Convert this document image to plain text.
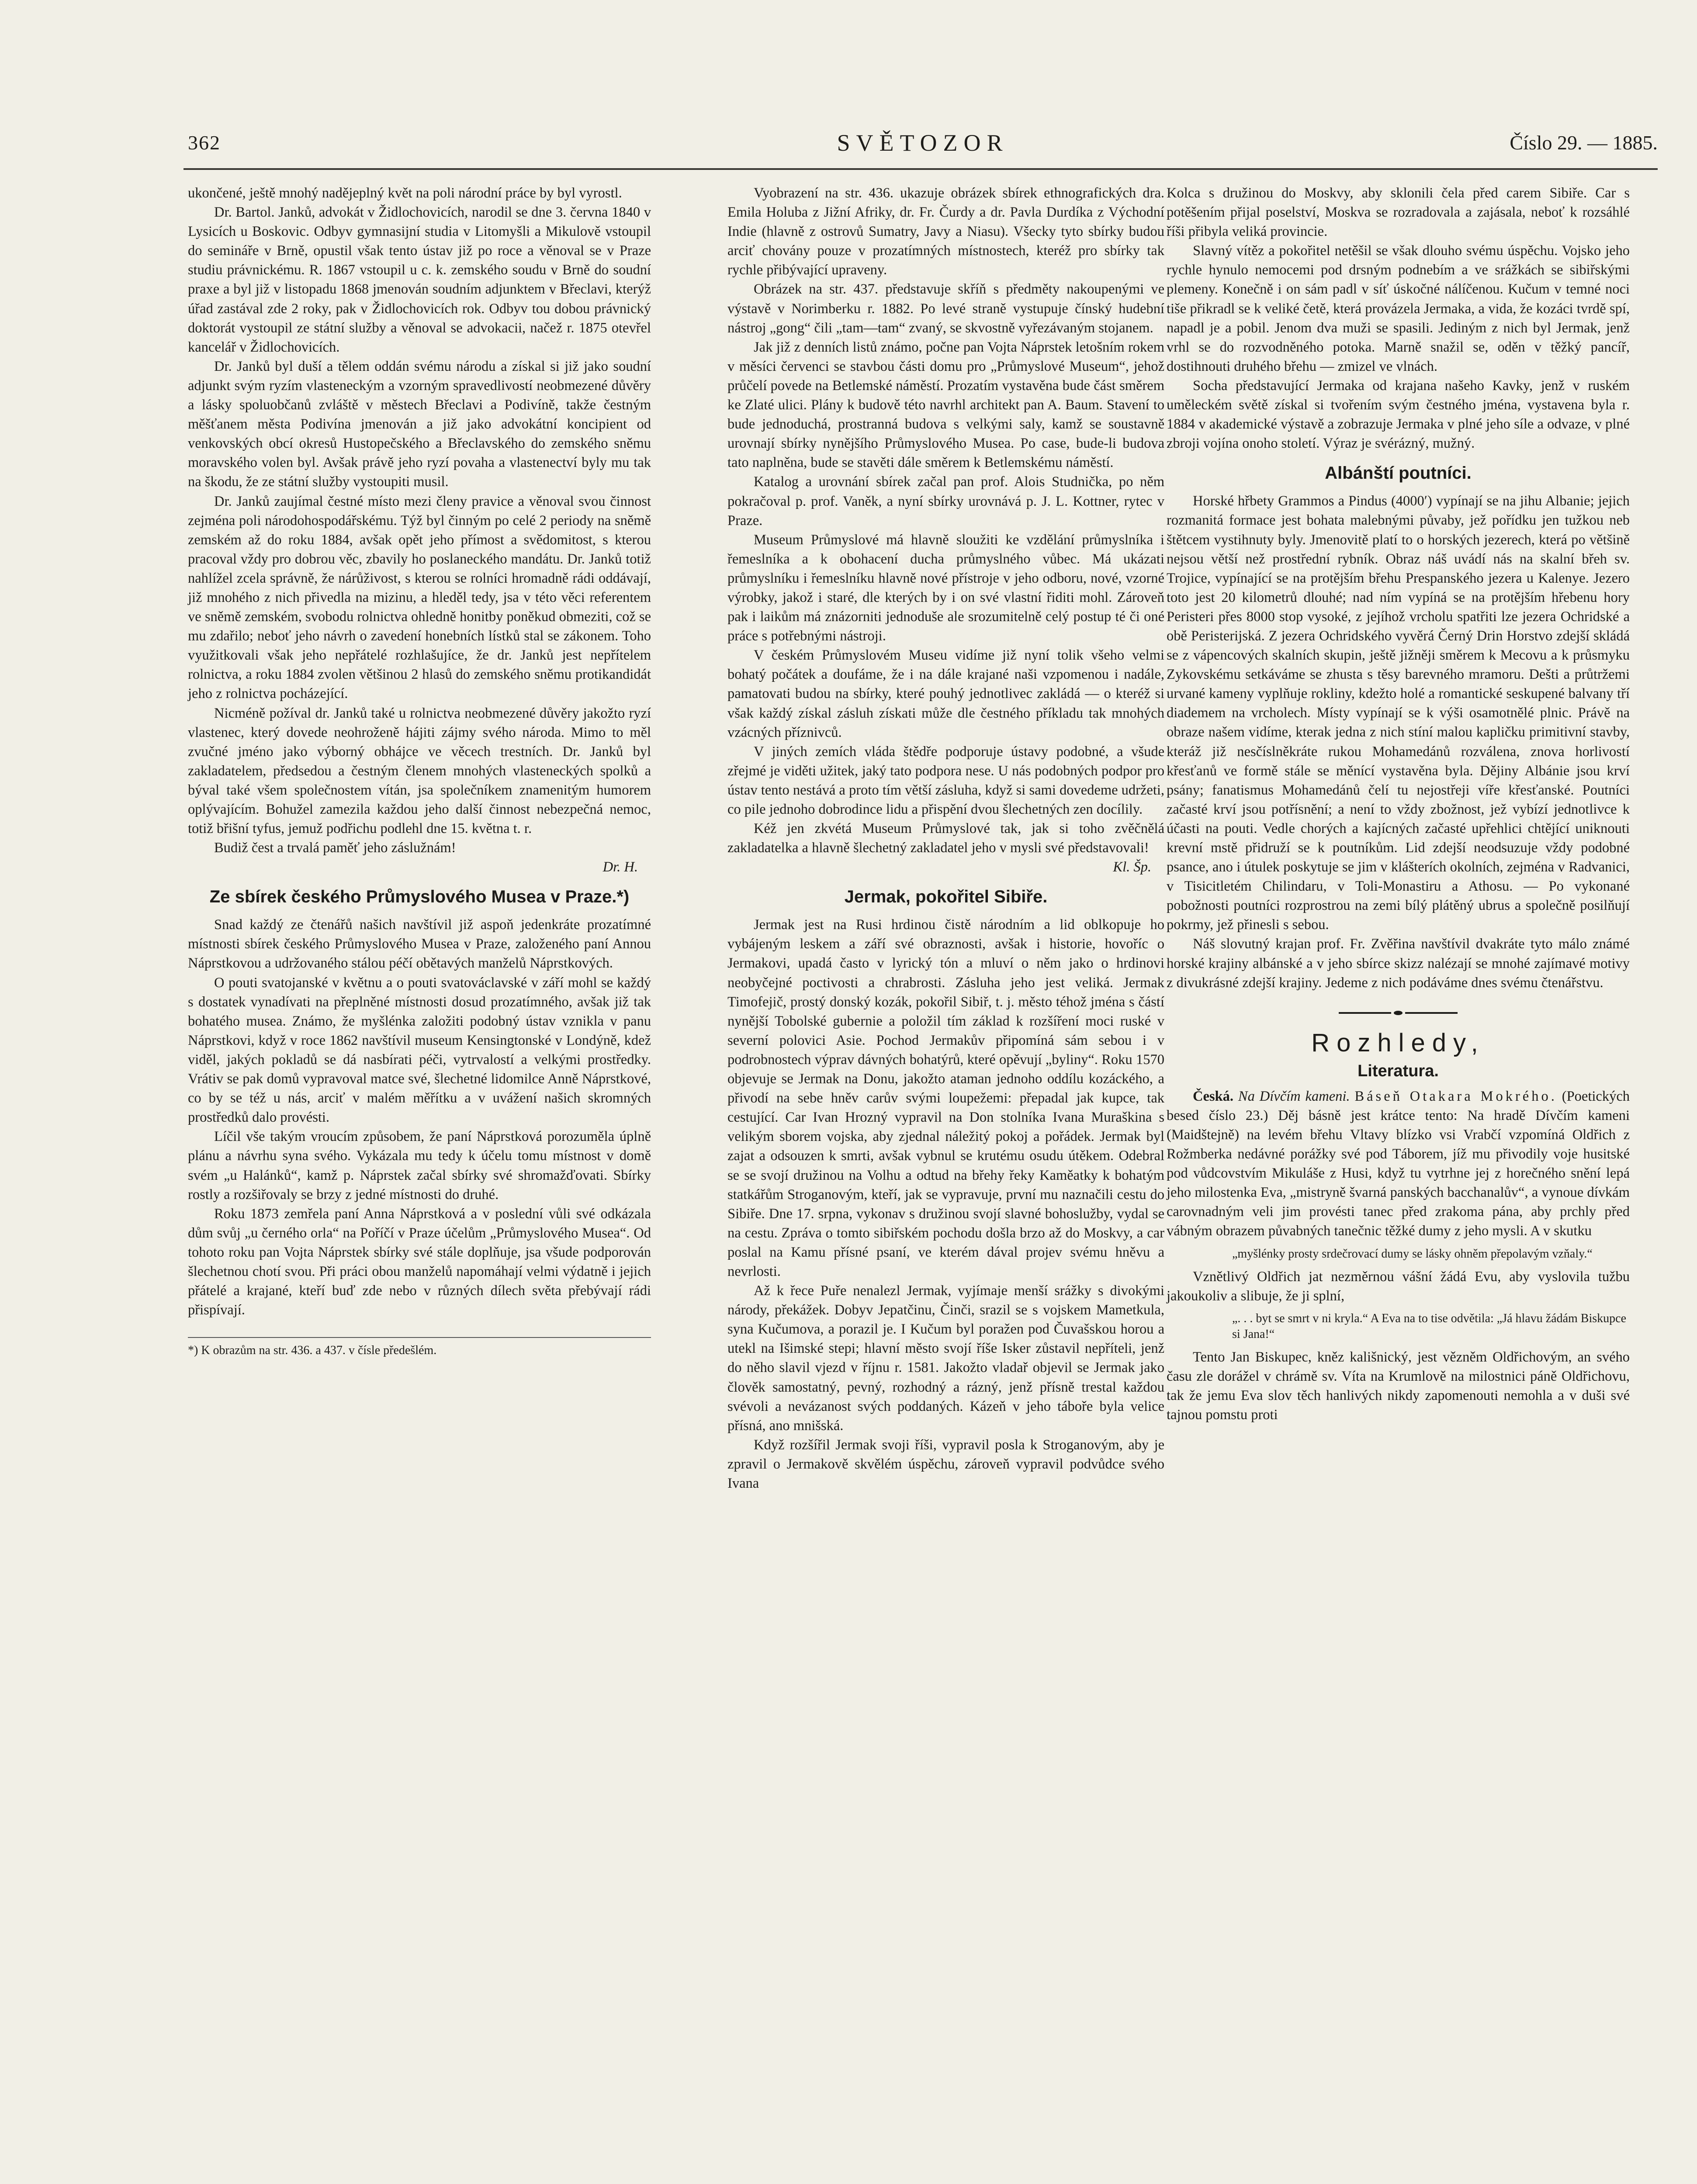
362	SVĚTOZOR	Číslo 29. — 1885.

ukončené, ještě mnohý nadějeplný květ na poli národní práce by byl vyrostl.

Dr. Bartol. Janků, advokát v Židlochovicích, narodil se dne 3. června 1840 v Lysicích u Boskovic. Odbyv gymnasijní studia v Litomyšli a Mikulově vstoupil do semináře v Brně, opustil však tento ústav již po roce a věnoval se v Praze studiu právnickému. R. 1867 vstoupil u c. k. zemského soudu v Brně do soudní praxe a byl již v listopadu 1868 jmenován soudním adjunktem v Břeclavi, kterýž úřad zastával zde 2 roky, pak v Židlochovicích rok. Odbyv tou dobou právnický doktorát vystoupil ze státní služby a věnoval se advokacii, načež r. 1875 otevřel kancelář v Židlochovicích.

Dr. Janků byl duší a tělem oddán svému národu a získal si již jako soudní adjunkt svým ryzím vlasteneckým a vzorným spravedlivostí neobmezené důvěry a lásky spoluobčanů zvláště v městech Břeclavi a Podivíně, takže čestným měšťanem města Podivína jmenován a již jako advokátní koncipient od venkovských obcí okresů Hustopečského a Břeclavského do zemského sněmu moravského volen byl. Avšak právě jeho ryzí povaha a vlastenectví byly mu tak na škodu, že ze státní služby vystoupiti musil.

Dr. Janků zaujímal čestné místo mezi členy pravice a věnoval svou činnost zejména poli národohospodářskému. Týž byl činným po celé 2 periody na sněmě zemském až do roku 1884, avšak opět jeho přímost a svědomitost, s kterou pracoval vždy pro dobrou věc, zbavily ho poslaneckého mandátu. Dr. Janků totiž nahlížel zcela správně, že nárůživost, s kterou se rolníci hromadně rádi oddávají, již mnohého z nich přivedla na mizinu, a hleděl tedy, jsa v této věci referentem ve sněmě zemském, svobodu rolnictva ohledně honitby poněkud obmeziti, což se mu zdařilo; neboť jeho návrh o zavedení honebních lístků stal se zákonem. Toho využitkovali však jeho nepřátelé rozhlašujíce, že dr. Janků jest nepřítelem rolnictva, a roku 1884 zvolen většinou 2 hlasů do zemského sněmu protikandidát jeho z rolnictva pocházející.

Nicméně požíval dr. Janků také u rolnictva neobmezené důvěry jakožto ryzí vlastenec, který dovede neohroženě hájiti zájmy svého národa. Mimo to měl zvučné jméno jako výborný obhájce ve věcech trestních. Dr. Janků byl zakladatelem, předsedou a čestným členem mnohých vlasteneckých spolků a býval také všem společnostem vítán, jsa společníkem znamenitým humorem oplývajícím. Bohužel zamezila každou jeho další činnost nebezpečná nemoc, totiž břišní tyfus, jemuž podřichu podlehl dne 15. května t. r.

Budiž čest a trvalá paměť jeho záslužnám!

Dr. H.
Ze sbírek českého Průmyslového Musea v Praze.*)

Snad každý ze čtenářů našich navštívil již aspoň jedenkráte prozatímné místnosti sbírek českého Průmyslového Musea v Praze, založeného paní Annou Náprstkovou a udržovaného stálou péčí obětavých manželů Náprstkových.

O pouti svatojanské v květnu a o pouti svatováclavské v září mohl se každý s dostatek vynadívati na přeplněné místnosti dosud prozatímného, avšak již tak bohatého musea. Známo, že myšlénka založiti podobný ústav vznikla v panu Náprstkovi, když v roce 1862 navštívil museum Kensingtonské v Londýně, kdež viděl, jakých pokladů se dá nasbírati péči, vytrvalostí a velkými prostředky. Vrátiv se pak domů vypravoval matce své, šlechetné lidomilce Anně Náprstkové, co by se též u nás, arciť v malém měřítku a v uvážení našich skromných prostředků dalo provésti.

Líčil vše takým vroucím způsobem, že paní Náprstková porozuměla úplně plánu a návrhu syna svého. Vykázala mu tedy k účelu tomu místnost v domě svém „u Halánků“, kamž p. Náprstek začal sbírky své shromažďovati. Sbírky rostly a rozšiřovaly se brzy z jedné místnosti do druhé.

Roku 1873 zemřela paní Anna Náprstková a v poslední vůli své odkázala dům svůj „u černého orla“ na Poříčí v Praze účelům „Průmyslového Musea“. Od tohoto roku pan Vojta Náprstek sbírky své stále doplňuje, jsa všude podporován šlechetnou chotí svou. Při práci obou manželů napomáhají velmi výdatně i jejich přátelé a krajané, kteří buď zde nebo v různých dílech světa přebývají rádi přispívají.

*) K obrazům na str. 436. a 437. v čísle předešlém.

Vyobrazení na str. 436. ukazuje obrázek sbírek ethnografických dra. Emila Holuba z Jižní Afriky, dr. Fr. Čurdy a dr. Pavla Durdíka z Východní Indie (hlavně z ostrovů Sumatry, Javy a Niasu). Všecky tyto sbírky budou arciť chovány pouze v prozatímných místnostech, kteréž pro sbírky tak rychle přibývající upraveny.

Obrázek na str. 437. představuje skříň s předměty nakoupenými ve výstavě v Norimberku r. 1882. Po levé straně vystupuje čínský hudební nástroj „gong“ čili „tam—tam“ zvaný, se skvostně vyřezávaným stojanem.

Jak již z denních listů známo, počne pan Vojta Náprstek letošním rokem v měsíci červenci se stavbou části domu pro „Průmyslové Museum“, jehož průčelí povede na Betlemské náměstí. Prozatím vystavěna bude část směrem ke Zlaté ulici. Plány k budově této navrhl architekt pan A. Baum. Stavení to bude jednoduchá, prostranná budova s velkými saly, kamž se soustavně urovnají sbírky nynějšího Průmyslového Musea. Po case, bude-li budova tato naplněna, bude se stavěti dále směrem k Betlemskému náměstí.

Katalog a urovnání sbírek začal pan prof. Alois Studnička, po něm pokračoval p. prof. Vaněk, a nyní sbírky urovnává p. J. L. Kottner, rytec v Praze.

Museum Průmyslové má hlavně sloužiti ke vzdělání průmyslníka i řemeslníka a k obohacení ducha průmyslného vůbec. Má ukázati průmyslníku i řemeslníku hlavně nové přístroje v jeho odboru, nové, vzorné výrobky, jakož i staré, dle kterých by i on své vlastní řiditi mohl. Zároveň pak i laikům má znázorniti jednoduše ale srozumitelně celý postup té či oné práce s potřebnými nástroji.

V českém Průmyslovém Museu vidíme již nyní tolik všeho velmi bohatý počátek a doufáme, že i na dále krajané naši vzpomenou i nadále, pamatovati budou na sbírky, které pouhý jednotlivec zakládá — o kteréž si však každý získal zásluh získati může dle čestného příkladu tak mnohých vzácných příznivců.

V jiných zemích vláda štědře podporuje ústavy podobné, a všude zřejmé je viděti užitek, jaký tato podpora nese. U nás podobných podpor pro ústav tento nestává a proto tím větší zásluha, když si sami dovedeme udržeti, co pile jednoho dobrodince lidu a přispění dvou šlechetných zen docílily.

Kéž jen zkvétá Museum Průmyslové tak, jak si toho zvěčnělá zakladatelka a hlavně šlechetný zakladatel jeho v mysli své představovali!

Kl. Šp.
Jermak, pokořitel Sibiře.

Jermak jest na Rusi hrdinou čistě národním a lid oblkopuje ho vybájeným leskem a září své obraznosti, avšak i historie, hovoříc o Jermakovi, upadá často v lyrický tón a mluví o něm jako o hrdinovi neobyčejné poctivosti a chrabrosti. Zásluha jeho jest veliká. Jermak Timofejič, prostý donský kozák, pokořil Sibiř, t. j. město téhož jména s částí nynější Tobolské gubernie a položil tím základ k rozšíření moci ruské v severní polovici Asie. Pochod Jermakův připomíná sám sebou i v podrobnostech výprav dávných bohatýrů, které opěvují „byliny“. Roku 1570 objevuje se Jermak na Donu, jakožto ataman jednoho oddílu kozáckého, a přivodí na sebe hněv carův svými loupežemi: přepadal jak kupce, tak cestující. Car Ivan Hrozný vypravil na Don stolníka Ivana Muraškina s velikým sborem vojska, aby zjednal náležitý pokoj a pořádek. Jermak byl zajat a odsouzen k smrti, avšak vybnul se krutému osudu útěkem. Odebral se se svojí družinou na Volhu a odtud na břehy řeky Kaměatky k bohatým statkářům Stroganovým, kteří, jak se vypravuje, první mu naznačili cestu do Sibiře. Dne 17. srpna, vykonav s družinou svojí slavné bohoslužby, vydal se na cestu. Zpráva o tomto sibiřském pochodu došla brzo až do Moskvy, a car poslal na Kamu přísné psaní, ve kterém dával projev svému hněvu a nevrlosti.

Až k řece Puře nenalezl Jermak, vyjímaje menší srážky s divokými národy, překážek. Dobyv Jepatčinu, Činči, srazil se s vojskem Mametkula, syna Kučumova, a porazil je. I Kučum byl poražen pod Čuvašskou horou a utekl na Išimské stepi; hlavní město svojí říše Isker zůstavil nepříteli, jenž do něho slavil vjezd v říjnu r. 1581. Jakožto vladař objevil se Jermak jako člověk samostatný, pevný, rozhodný a rázný, jenž přísně trestal každou svévoli a nevázanost svých poddaných. Kázeň v jeho táboře byla velice přísná, ano mnišská.

Když rozšířil Jermak svoji říši, vypravil posla k Stroganovým, aby je zpravil o Jermakově skvělém úspěchu, zároveň vypravil podvůdce svého Ivana

Kolca s družinou do Moskvy, aby sklonili čela před carem Sibiře. Car s potěšením přijal poselství, Moskva se rozradovala a zajásala, neboť k rozsáhlé říši přibyla veliká provincie.

Slavný vítěz a pokořitel netěšil se však dlouho svému úspěchu. Vojsko jeho rychle hynulo nemocemi pod drsným podnebím a ve srážkách se sibiřskými plemeny. Konečně i on sám padl v síť úskočné nálíčenou. Kučum v temné noci tiše přikradl se k veliké četě, která provázela Jermaka, a vida, že kozáci tvrdě spí, napadl je a pobil. Jenom dva muži se spasili. Jediným z nich byl Jermak, jenž vrhl se do rozvodněného potoka. Marně snažil se, oděn v těžký pancíř, dostihnouti druhého břehu — zmizel ve vlnách.

Socha představující Jermaka od krajana našeho Kavky, jenž v ruském uměleckém světě získal si tvořením svým čestného jména, vystavena byla r. 1884 v akademické výstavě a zobrazuje Jermaka v plné jeho síle a odvaze, v plné zbroji vojína onoho století. Výraz je svérázný, mužný.

Albánští poutníci.

Horské hřbety Grammos a Pindus (4000′) vypínají se na jihu Albanie; jejich rozmanitá formace jest bohata malebnými půvaby, jež pořídku jen tužkou neb štětcem vystihnuty byly. Jmenovitě platí to o horských jezerech, která po většině nejsou větší než prostřední rybník. Obraz náš uvádí nás na skalní břeh sv. Trojice, vypínající se na protějším břehu Prespanského jezera u Kalenye. Jezero toto jest 20 kilometrů dlouhé; nad ním vypíná se na protějším hřebenu hory Peristeri přes 8000 stop vysoké, z jejíhož vrcholu spatřiti lze jezera Ochridské a obě Peristerijská. Z jezera Ochridského vyvěrá Černý Drin Horstvo zdejší skládá se z vápencových skalních skupin, ještě jižněji směrem k Mecovu a k průsmyku Zykovskému setkáváme se zhusta s těsy barevného mramoru. Dešti a průtržemi urvané kameny vyplňuje rokliny, kdežto holé a romantické seskupené balvany tří diademem na vrcholech. Místy vypínají se k výši osamotnělé plnic. Právě na obraze našem vidíme, kterak jedna z nich stíní malou kapličku primitivní stavby, kteráž již nesčíslněkráte rukou Mohamedánů rozválena, znova horlivostí křesťanů ve formě stále se měnící vystavěna byla. Dějiny Albánie jsou krví psány; fanatismus Mohamedánů čelí tu nejostřeji víře křesťanské. Poutníci začasté krví jsou potřísnění; a není to vždy zbožnost, jež vybízí jednotlivce k účasti na pouti. Vedle chorých a kajícných začasté upřehlici chtějící uniknouti krevní mstě přidruží se k poutníkům. Lid zdejší neodsuzuje vždy podobné psance, ano i útulek poskytuje se jim v klášterích okolních, zejména v Radvanici, v Tisicitletém Chilindaru, v Toli-Monastiru a Athosu. — Po vykonané pobožnosti poutníci rozprostrou na zemi bílý plátěný ubrus a společně posilňují pokrmy, jež přinesli s sebou.

Náš slovutný krajan prof. Fr. Zvěřina navštívil dvakráte tyto málo známé horské krajiny albánské a v jeho sbírce skizz nalézají se mnohé zajímavé motivy z divukrásné zdejší krajiny. Jedeme z nich podáváme dnes svému čtenářstvu.

Rozhledy,
Literatura.

Česká. Na Dívčím kameni. Báseň Otakara Mokrého. (Poetických besed číslo 23.) Děj básně jest krátce tento: Na hradě Dívčím kameni (Maidštejně) na levém břehu Vltavy blízko vsi Vrabčí vzpomíná Oldřich z Rožmberka nedávné porážky své pod Táborem, jíž mu přivodily voje husitské pod vůdcovstvím Mikuláše z Husi, když tu vytrhne jej z horečného snění lepá jeho milostenka Eva, „mistryně švarná panských bacchanalův“, a vynoue dívkám carovnadným veli jim provésti tanec před zrakoma pána, aby prchly před vábným obrazem půvabných tanečnic těžké dumy z jeho mysli. A v skutku

„myšlénky prosty srdečrovací dumy se lásky ohněm přepolavým vzňaly.“

Vznětlivý Oldřich jat nezměrnou vášní žádá Evu, aby vyslovila tužbu jakoukoliv a slibuje, že ji splní,

„. . . byt se smrt v ni kryla.“ A Eva na to tise odvětila: „Já hlavu žádám Biskupce si Jana!“

Tento Jan Biskupec, kněz kališnický, jest vězněm Oldřichovým, an svého času zle dorážel v chrámě sv. Víta na Krumlově na milostnici páně Oldřichovu, tak že jemu Eva slov těch hanlivých nikdy zapomenouti nemohla a v duši své tajnou pomstu proti
